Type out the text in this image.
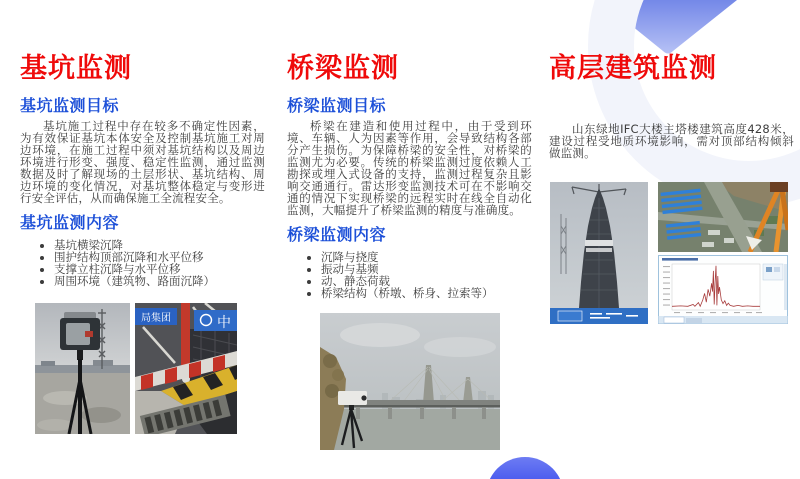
基坑监测
基坑监测目标

基坑施工过程中存在较多不确定性因素，为有效保证基坑本体安全及控制基坑施工对周边环境，在施工过程中须对基坑结构以及周边环境进行形变、强度、稳定性监测，通过监测数据及时了解现场的土层形状、基坑结构、周边环境的变化情况，对基坑整体稳定与变形进行安全评估，从而确保施工全流程安全。

基坑监测内容
• 基坑横梁沉降
• 围护结构顶部沉降和水平位移
• 支撑立柱沉降与水平位移
• 周围环境（建筑物、路面沉降）
局集团	中
桥梁监测
桥梁监测目标

桥梁在建造和使用过程中，由于受到环境、车辆、人为因素等作用，会导致结构各部分产生损伤。为保障桥梁的安全性，对桥梁的监测尤为必要。传统的桥梁监测过度依赖人工勘探或埋入式设备的支持，监测过程复杂且影响交通通行。雷达形变监测技术可在不影响交通的情况下实现桥梁的远程实时在线全自动化监测，大幅提升了桥梁监测的精度与准确度。

桥梁监测内容
• 沉降与挠度
• 振动与基频
• 动、静态荷载
• 桥梁结构（桥墩、桥身、拉索等）
高层建筑监测

山东绿地IFC大楼主塔楼建筑高度428米，建设过程受地质环境影响，需对顶部结构倾斜做监测。
